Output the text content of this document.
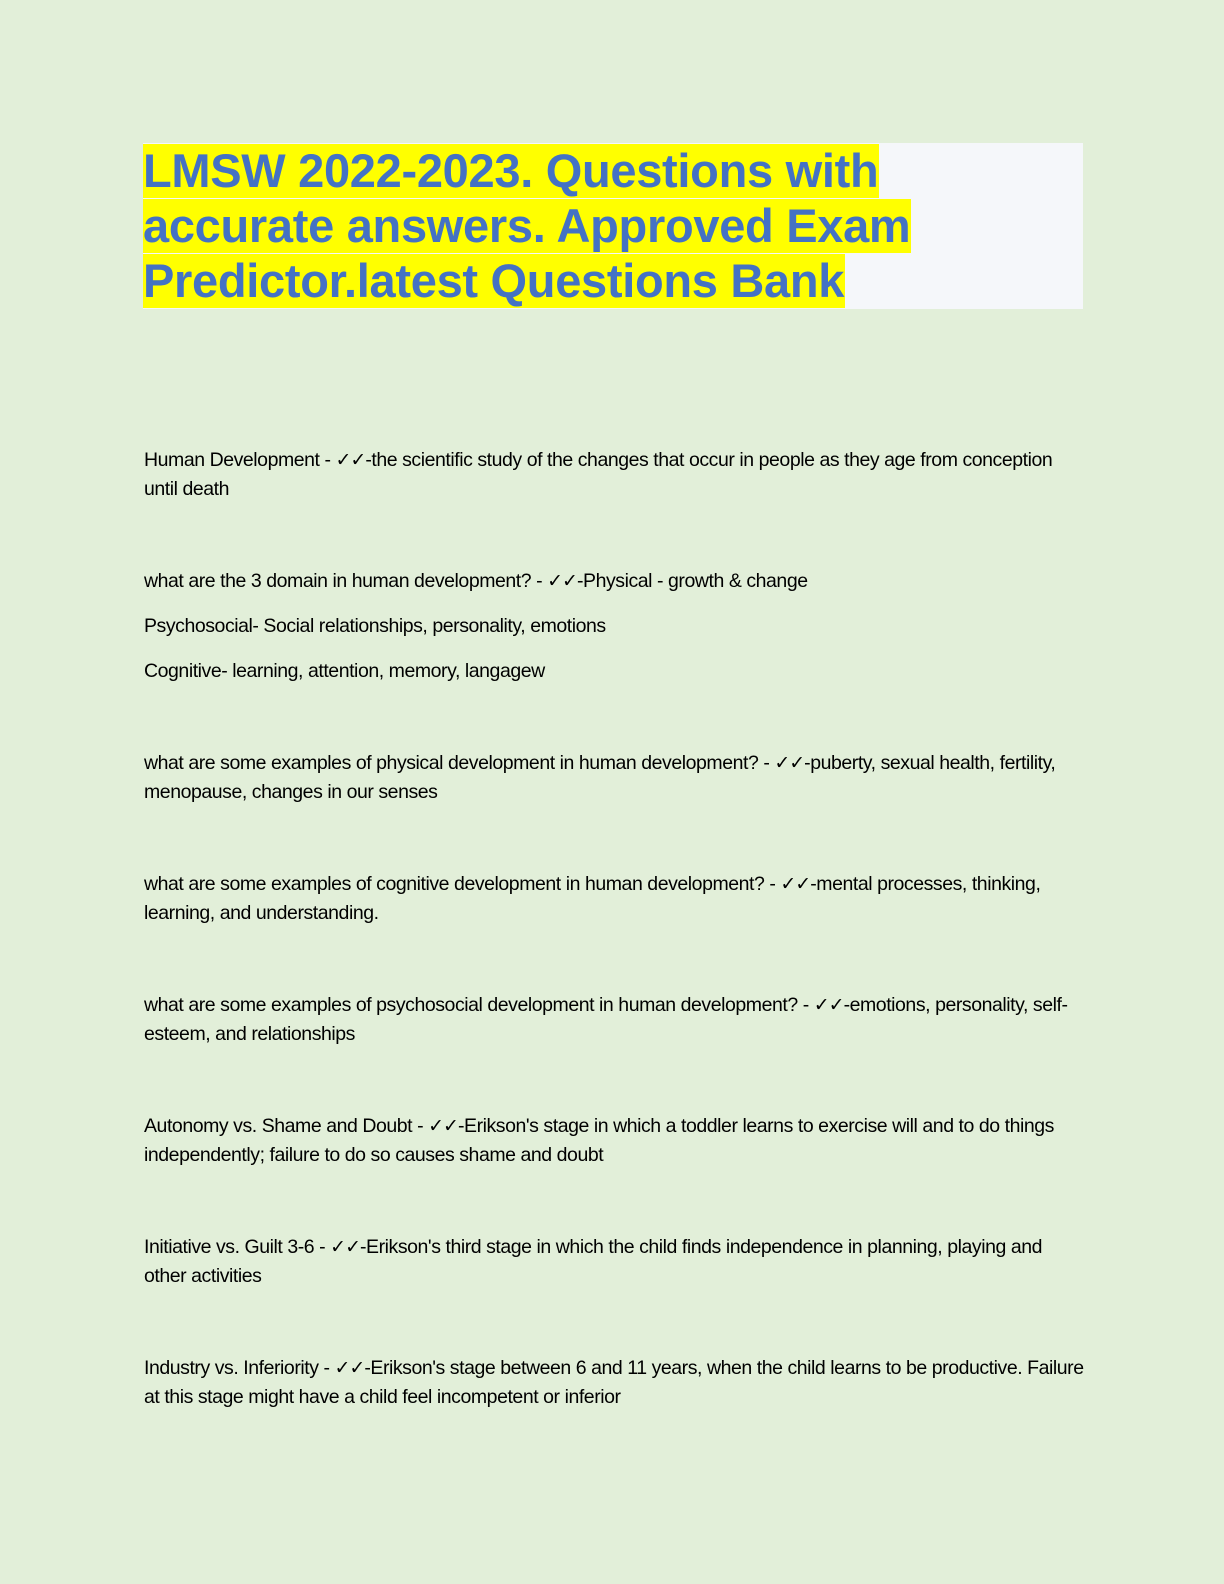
LMSW 2022-2023. Questions with
accurate answers. Approved Exam
Predictor.latest Questions Bank

Human Development - ✓✓-the scientific study of the changes that occur in people as they age from conception until death

what are the 3 domain in human development? - ✓✓-Physical - growth & change

Psychosocial- Social relationships, personality, emotions

Cognitive- learning, attention, memory, langagew

what are some examples of physical development in human development? - ✓✓-puberty, sexual health, fertility, menopause, changes in our senses

what are some examples of cognitive development in human development? - ✓✓-mental processes, thinking, learning, and understanding.

what are some examples of psychosocial development in human development? - ✓✓-emotions, personality, self-esteem, and relationships

Autonomy vs. Shame and Doubt - ✓✓-Erikson's stage in which a toddler learns to exercise will and to do things independently; failure to do so causes shame and doubt

Initiative vs. Guilt 3-6 - ✓✓-Erikson's third stage in which the child finds independence in planning, playing and other activities

Industry vs. Inferiority - ✓✓-Erikson's stage between 6 and 11 years, when the child learns to be productive. Failure at this stage might have a child feel incompetent or inferior
